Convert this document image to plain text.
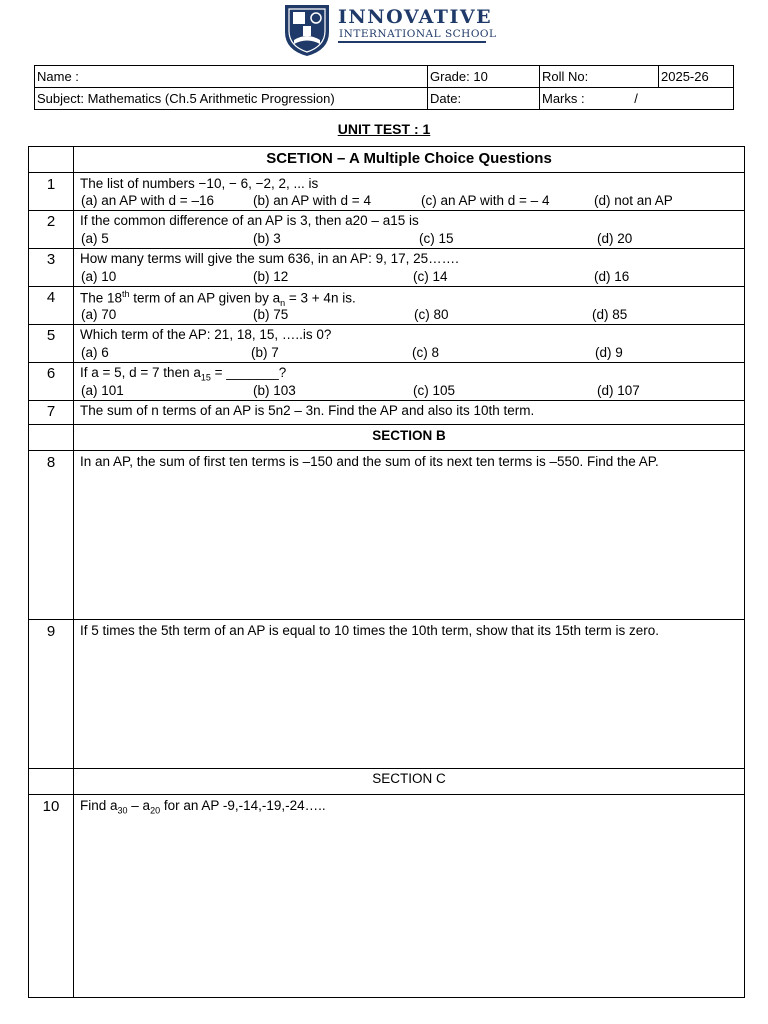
INNOVATIVE
INTERNATIONAL SCHOOL
Name :	Grade: 10	Roll No:	2025-26
Subject: Mathematics (Ch.5 Arithmetic Progression)	Date:	Marks : /	
UNIT TEST : 1
SCETION – A Multiple Choice Questions
1	The list of numbers −10, − 6, −2, 2, ... is
(a) an AP with d = –16	(b) an AP with d = 4	(c) an AP with d = – 4	(d) not an AP
2	If the common difference of an AP is 3, then a20 – a15 is
(a) 5	(b) 3	(c) 15	(d) 20
3	How many terms will give the sum 636, in an AP: 9, 17, 25…….
(a) 10	(b) 12	(c) 14	(d) 16
4	The 18th term of an AP given by $a_n = 3 + 4n$ is.
(a) 70	(b) 75	(c) 80	(d) 85
5	Which term of the AP: 21, 18, 15, …..is 0?
(a) 6	(b) 7	(c) 8	(d) 9
6	If a = 5, d = 7 then $a_{15}$ = _______?
(a) 101	(b) 103	(c) 105	(d) 107
7	The sum of n terms of an AP is 5n2 – 3n. Find the AP and also its 10th term.
SECTION B
8	In an AP, the sum of first ten terms is –150 and the sum of its next ten terms is –550. Find the AP.
9	If 5 times the 5th term of an AP is equal to 10 times the 10th term, show that its 15th term is zero.
SECTION C
10	Find $a_{30} - a_{20}$ for an AP -9,-14,-19,-24…..
